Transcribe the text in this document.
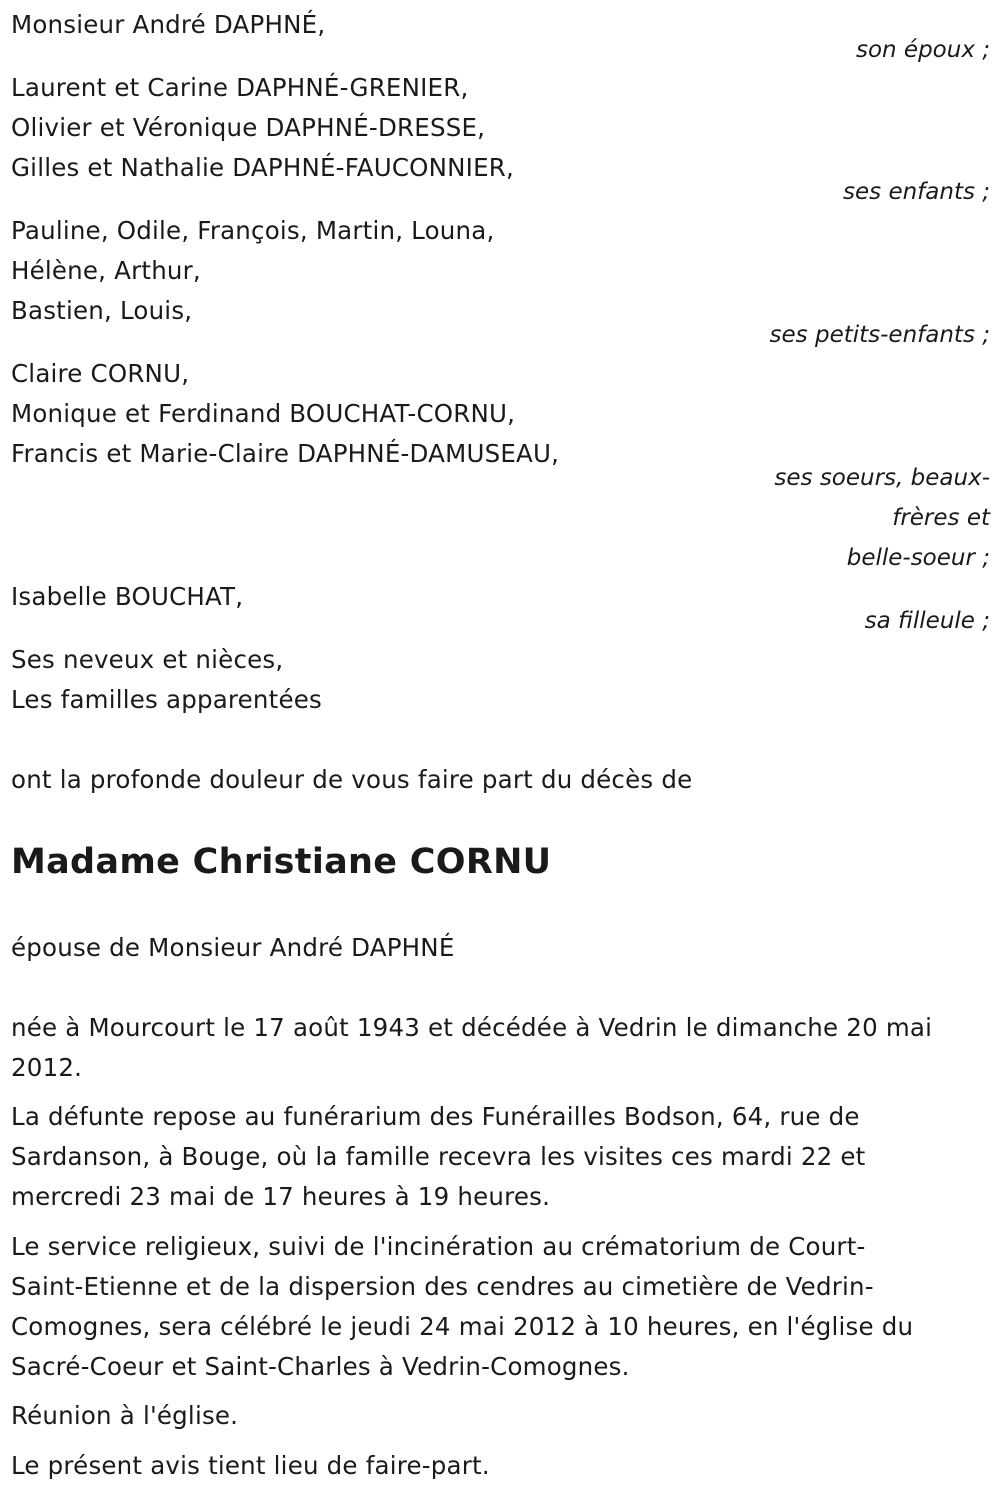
Monsieur André DAPHNÉ,
son époux ;
Laurent et Carine DAPHNÉ-GRENIER,
Olivier et Véronique DAPHNÉ-DRESSE,
Gilles et Nathalie DAPHNÉ-FAUCONNIER,
ses enfants ;
Pauline, Odile, François, Martin, Louna,
Hélène, Arthur,
Bastien, Louis,
ses petits-enfants ;
Claire CORNU,
Monique et Ferdinand BOUCHAT-CORNU,
Francis et Marie-Claire DAPHNÉ-DAMUSEAU,
ses soeurs, beaux-
frères et
belle-soeur ;
Isabelle BOUCHAT,
sa filleule ;
Ses neveux et nièces,
Les familles apparentées
ont la profonde douleur de vous faire part du décès de
Madame Christiane CORNU
épouse de Monsieur André DAPHNÉ
née à Mourcourt le 17 août 1943 et décédée à Vedrin le dimanche 20 mai
2012.
La défunte repose au funérarium des Funérailles Bodson, 64, rue de
Sardanson, à Bouge, où la famille recevra les visites ces mardi 22 et
mercredi 23 mai de 17 heures à 19 heures.
Le service religieux, suivi de l'incinération au crématorium de Court-
Saint-Etienne et de la dispersion des cendres au cimetière de Vedrin-
Comognes, sera célébré le jeudi 24 mai 2012 à 10 heures, en l'église du
Sacré-Coeur et Saint-Charles à Vedrin-Comognes.
Réunion à l'église.
Le présent avis tient lieu de faire-part.
